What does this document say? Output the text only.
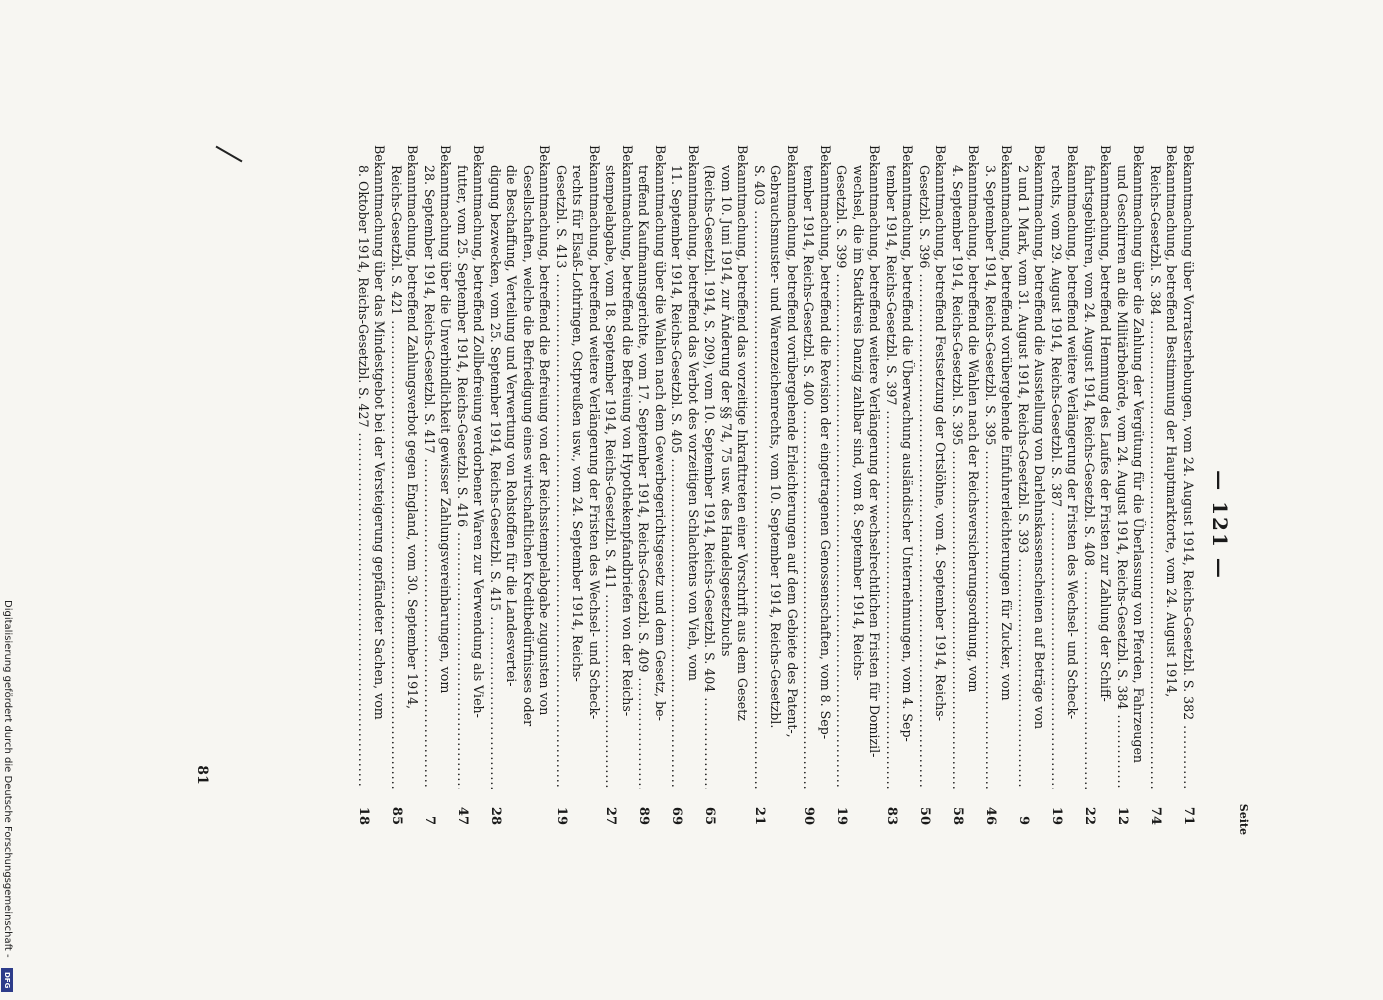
Digitalisierung gefördert durch die Deutsche Forschungsgemeinschaft -
DFG
— 121 —
Seite
Bekanntmachung über Vorratserhebungen, vom 24. August 1914, Reichs-Gesetzbl. S. 382 .....
71
Bekanntmachung, betreffend Bestimmung der Hauptmarktorte, vom 24. August 1914,
Reichs-Gesetzbl. S. 384 .....
74
Bekanntmachung über die Zahlung der Vergütung für die Überlassung von Pferden, Fahrzeugen
und Geschirren an die Militärbehörde, vom 24. August 1914, Reichs-Gesetzbl. S. 384 .....
12
Bekanntmachung, betreffend Hemmung des Laufes der Fristen zur Zahlung der Schiff-
fahrtsgebühren, vom 24. August 1914, Reichs-Gesetzbl. S. 408 .....
22
Bekanntmachung, betreffend weitere Verlängerung der Fristen des Wechsel- und Scheck-
rechts, vom 29. August 1914, Reichs-Gesetzbl. S. 387 .....
19
Bekanntmachung, betreffend die Ausstellung von Darlehnskassenscheinen auf Beträge von
2 und 1 Mark, vom 31. August 1914, Reichs-Gesetzbl. S. 393 .....
9
Bekanntmachung, betreffend vorübergehende Einfuhrerleichterungen für Zucker, vom
3. September 1914, Reichs-Gesetzbl. S. 395 .....
46
Bekanntmachung, betreffend die Wahlen nach der Reichsversicherungsordnung, vom
4. September 1914, Reichs-Gesetzbl. S. 395 .....
58
Bekanntmachung, betreffend Festsetzung der Ortslöhne, vom 4. September 1914, Reichs-
Gesetzbl. S. 396 .....
50
Bekanntmachung, betreffend die Überwachung ausländischer Unternehmungen, vom 4. Sep-
tember 1914, Reichs-Gesetzbl. S. 397 .....
83
Bekanntmachung, betreffend weitere Verlängerung der wechselrechtlichen Fristen für Domizil-
wechsel, die im Stadtkreis Danzig zahlbar sind, vom 8. September 1914, Reichs-
Gesetzbl. S. 399 .....
19
Bekanntmachung, betreffend die Revision der eingetragenen Genossenschaften, vom 8. Sep-
tember 1914, Reichs-Gesetzbl. S. 400 .....
90
Bekanntmachung, betreffend vorübergehende Erleichterungen auf dem Gebiete des Patent-,
Gebrauchsmuster- und Warenzeichenrechts, vom 10. September 1914, Reichs-Gesetzbl.
S. 403 .....
21
Bekanntmachung, betreffend das vorzeitige Inkrafttreten einer Vorschrift aus dem Gesetz
vom 10. Juni 1914, zur Änderung der §§ 74, 75 usw. des Handelsgesetzbuchs
(Reichs-Gesetzbl. 1914, S. 209), vom 10. September 1914, Reichs-Gesetzbl. S. 404 .....
65
Bekanntmachung, betreffend das Verbot des vorzeitigen Schlachtens von Vieh, vom
11. September 1914, Reichs-Gesetzbl. S. 405 .....
69
Bekanntmachung über die Wahlen nach dem Gewerbegerichtsgesetz und dem Gesetz, be-
treffend Kaufmannsgerichte, vom 17. September 1914, Reichs-Gesetzbl. S. 409 .....
89
Bekanntmachung, betreffend die Befreiung von Hypothekenpfandbriefen von der Reichs-
stempelabgabe, vom 18. September 1914, Reichs-Gesetzbl. S. 411 .....
27
Bekanntmachung, betreffend weitere Verlängerung der Fristen des Wechsel- und Scheck-
rechts für Elsaß-Lothringen, Ostpreußen usw., vom 24. September 1914, Reichs-
Gesetzbl. S. 413 .....
19
Bekanntmachung, betreffend die Befreiung von der Reichsstempelabgabe zugunsten von
Gesellschaften, welche die Befriedigung eines wirtschaftlichen Kreditbedürfnisses oder
die Beschaffung, Verteilung und Verwertung von Rohstoffen für die Landesvertei-
digung bezwecken, vom 25. September 1914, Reichs-Gesetzbl. S. 415 .....
28
Bekanntmachung, betreffend Zollbefreiung verdorbener Waren zur Verwendung als Vieh-
futter, vom 25. September 1914, Reichs-Gesetzbl. S. 416 .....
47
Bekanntmachung über die Unverbindlichkeit gewisser Zahlungsvereinbarungen, vom
28. September 1914, Reichs-Gesetzbl. S. 417 .....
7
Bekanntmachung, betreffend Zahlungsverbot gegen England, vom 30. September 1914,
Reichs-Gesetzbl. S. 421 .....
85
Bekanntmachung über das Mindestgebot bei der Versteigerung gepfändeter Sachen, vom
8. Oktober 1914, Reichs-Gesetzbl. S. 427 .....
18
81
